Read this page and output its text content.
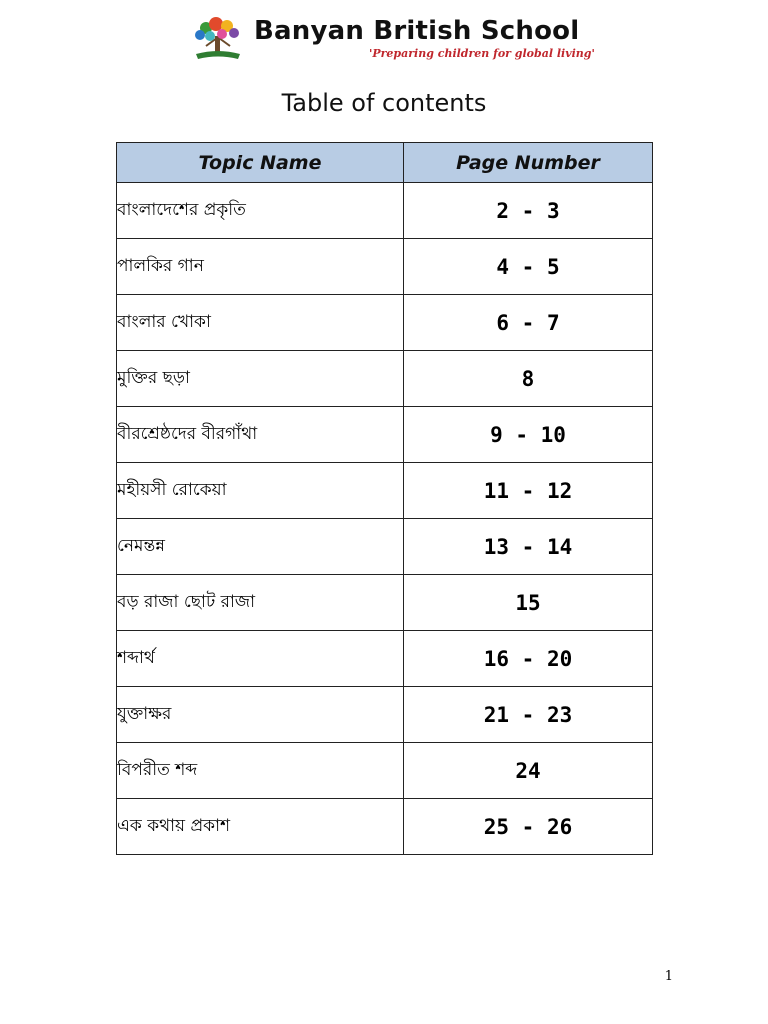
Banyan British School
'Preparing children for global living'
Table of contents
Topic Name	Page Number
বাংলাদেশের প্রকৃতি	2 - 3
পালকির গান	4 - 5
বাংলার খোকা	6 - 7
মুক্তির ছড়া	8
বীরশ্রেষ্ঠদের বীরগাঁথা	9 - 10
মহীয়সী রোকেয়া	11 - 12
নেমন্তন্ন	13 - 14
বড় রাজা ছোট রাজা	15
শব্দার্থ	16 - 20
যুক্তাক্ষর	21 - 23
বিপরীত শব্দ	24
এক কথায় প্রকাশ	25 - 26
1
